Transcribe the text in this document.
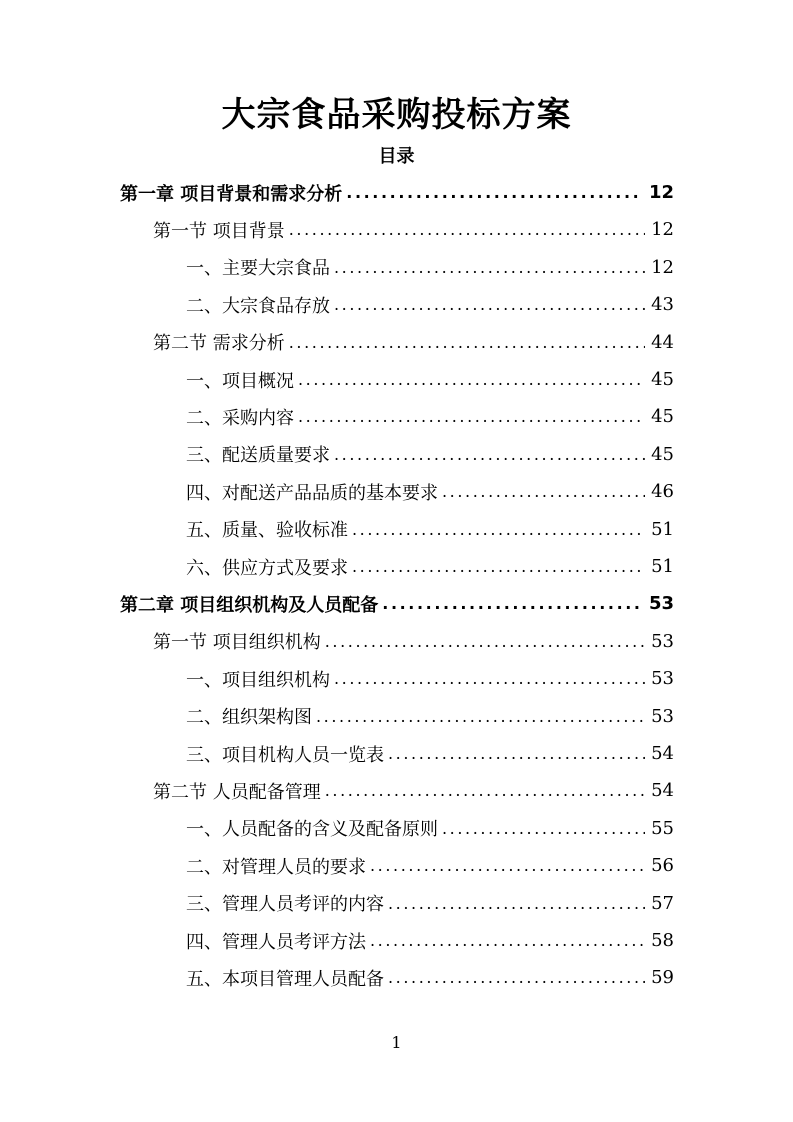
大宗食品采购投标方案
目录
第一章 项目背景和需求分析 .....	12
第一节 项目背景 .....	12
一、主要大宗食品 .....	12
二、大宗食品存放 .....	43
第二节 需求分析 .....	44
一、项目概况 .....	45
二、采购内容 .....	45
三、配送质量要求 .....	45
四、对配送产品品质的基本要求 .....	46
五、质量、验收标准 .....	51
六、供应方式及要求 .....	51
第二章 项目组织机构及人员配备 .....	53
第一节 项目组织机构 .....	53
一、项目组织机构 .....	53
二、组织架构图 .....	53
三、项目机构人员一览表 .....	54
第二节 人员配备管理 .....	54
一、人员配备的含义及配备原则 .....	55
二、对管理人员的要求 .....	56
三、管理人员考评的内容 .....	57
四、管理人员考评方法 .....	58
五、本项目管理人员配备 .....	59
1
